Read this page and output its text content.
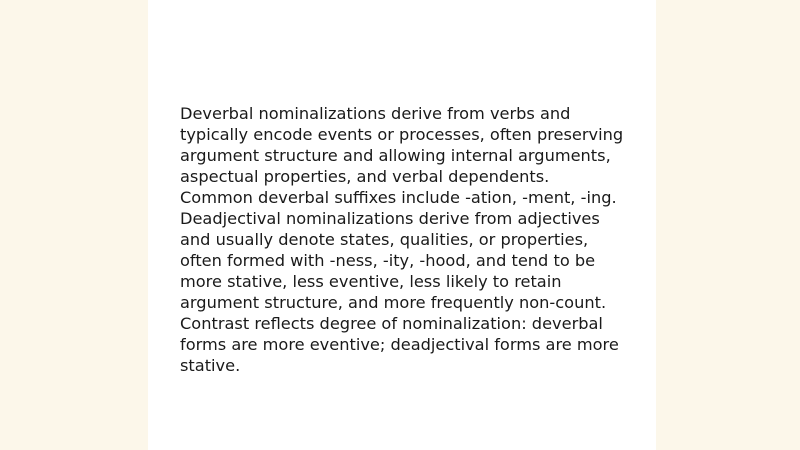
Deverbal nominalizations derive from verbs and
typically encode events or processes, often preserving
argument structure and allowing internal arguments,
aspectual properties, and verbal dependents.
Common deverbal suffixes include -ation, -ment, -ing.
Deadjectival nominalizations derive from adjectives
and usually denote states, qualities, or properties,
often formed with -ness, -ity, -hood, and tend to be
more stative, less eventive, less likely to retain
argument structure, and more frequently non-count.
Contrast reflects degree of nominalization: deverbal
forms are more eventive; deadjectival forms are more
stative.
